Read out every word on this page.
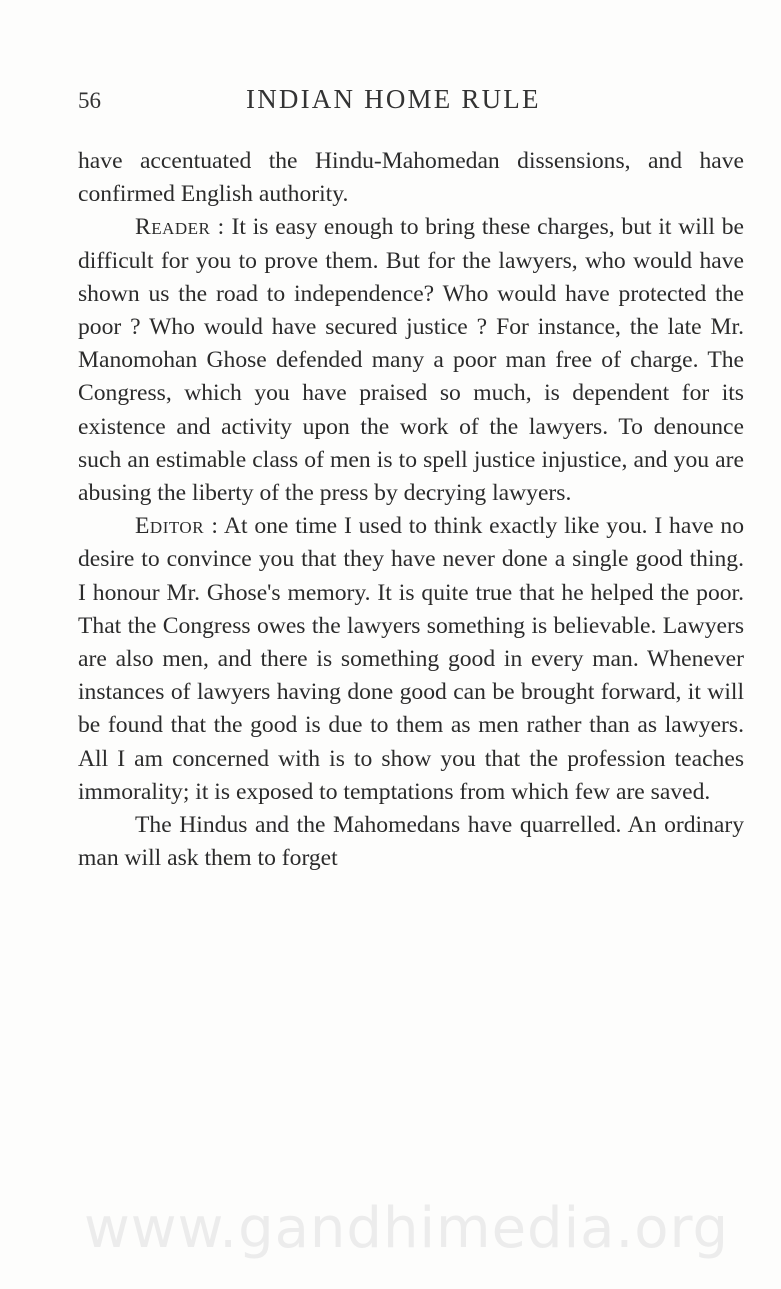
56	INDIAN HOME RULE

have accentuated the Hindu-Mahomedan dissensions, and have confirmed English authority.

Reader : It is easy enough to bring these charges, but it will be difficult for you to prove them. But for the lawyers, who would have shown us the road to independence? Who would have protected the poor ? Who would have secured justice ? For instance, the late Mr. Manomohan Ghose defended many a poor man free of charge. The Congress, which you have praised so much, is dependent for its existence and activity upon the work of the lawyers. To denounce such an estimable class of men is to spell justice injustice, and you are abusing the liberty of the press by decrying lawyers.

Editor : At one time I used to think exactly like you. I have no desire to convince you that they have never done a single good thing. I honour Mr. Ghose's memory. It is quite true that he helped the poor. That the Congress owes the lawyers something is believable. Lawyers are also men, and there is something good in every man. Whenever instances of lawyers having done good can be brought forward, it will be found that the good is due to them as men rather than as lawyers. All I am concerned with is to show you that the profession teaches immorality; it is exposed to temptations from which few are saved.

The Hindus and the Mahomedans have quarrelled. An ordinary man will ask them to forget

www.gandhimedia.org
